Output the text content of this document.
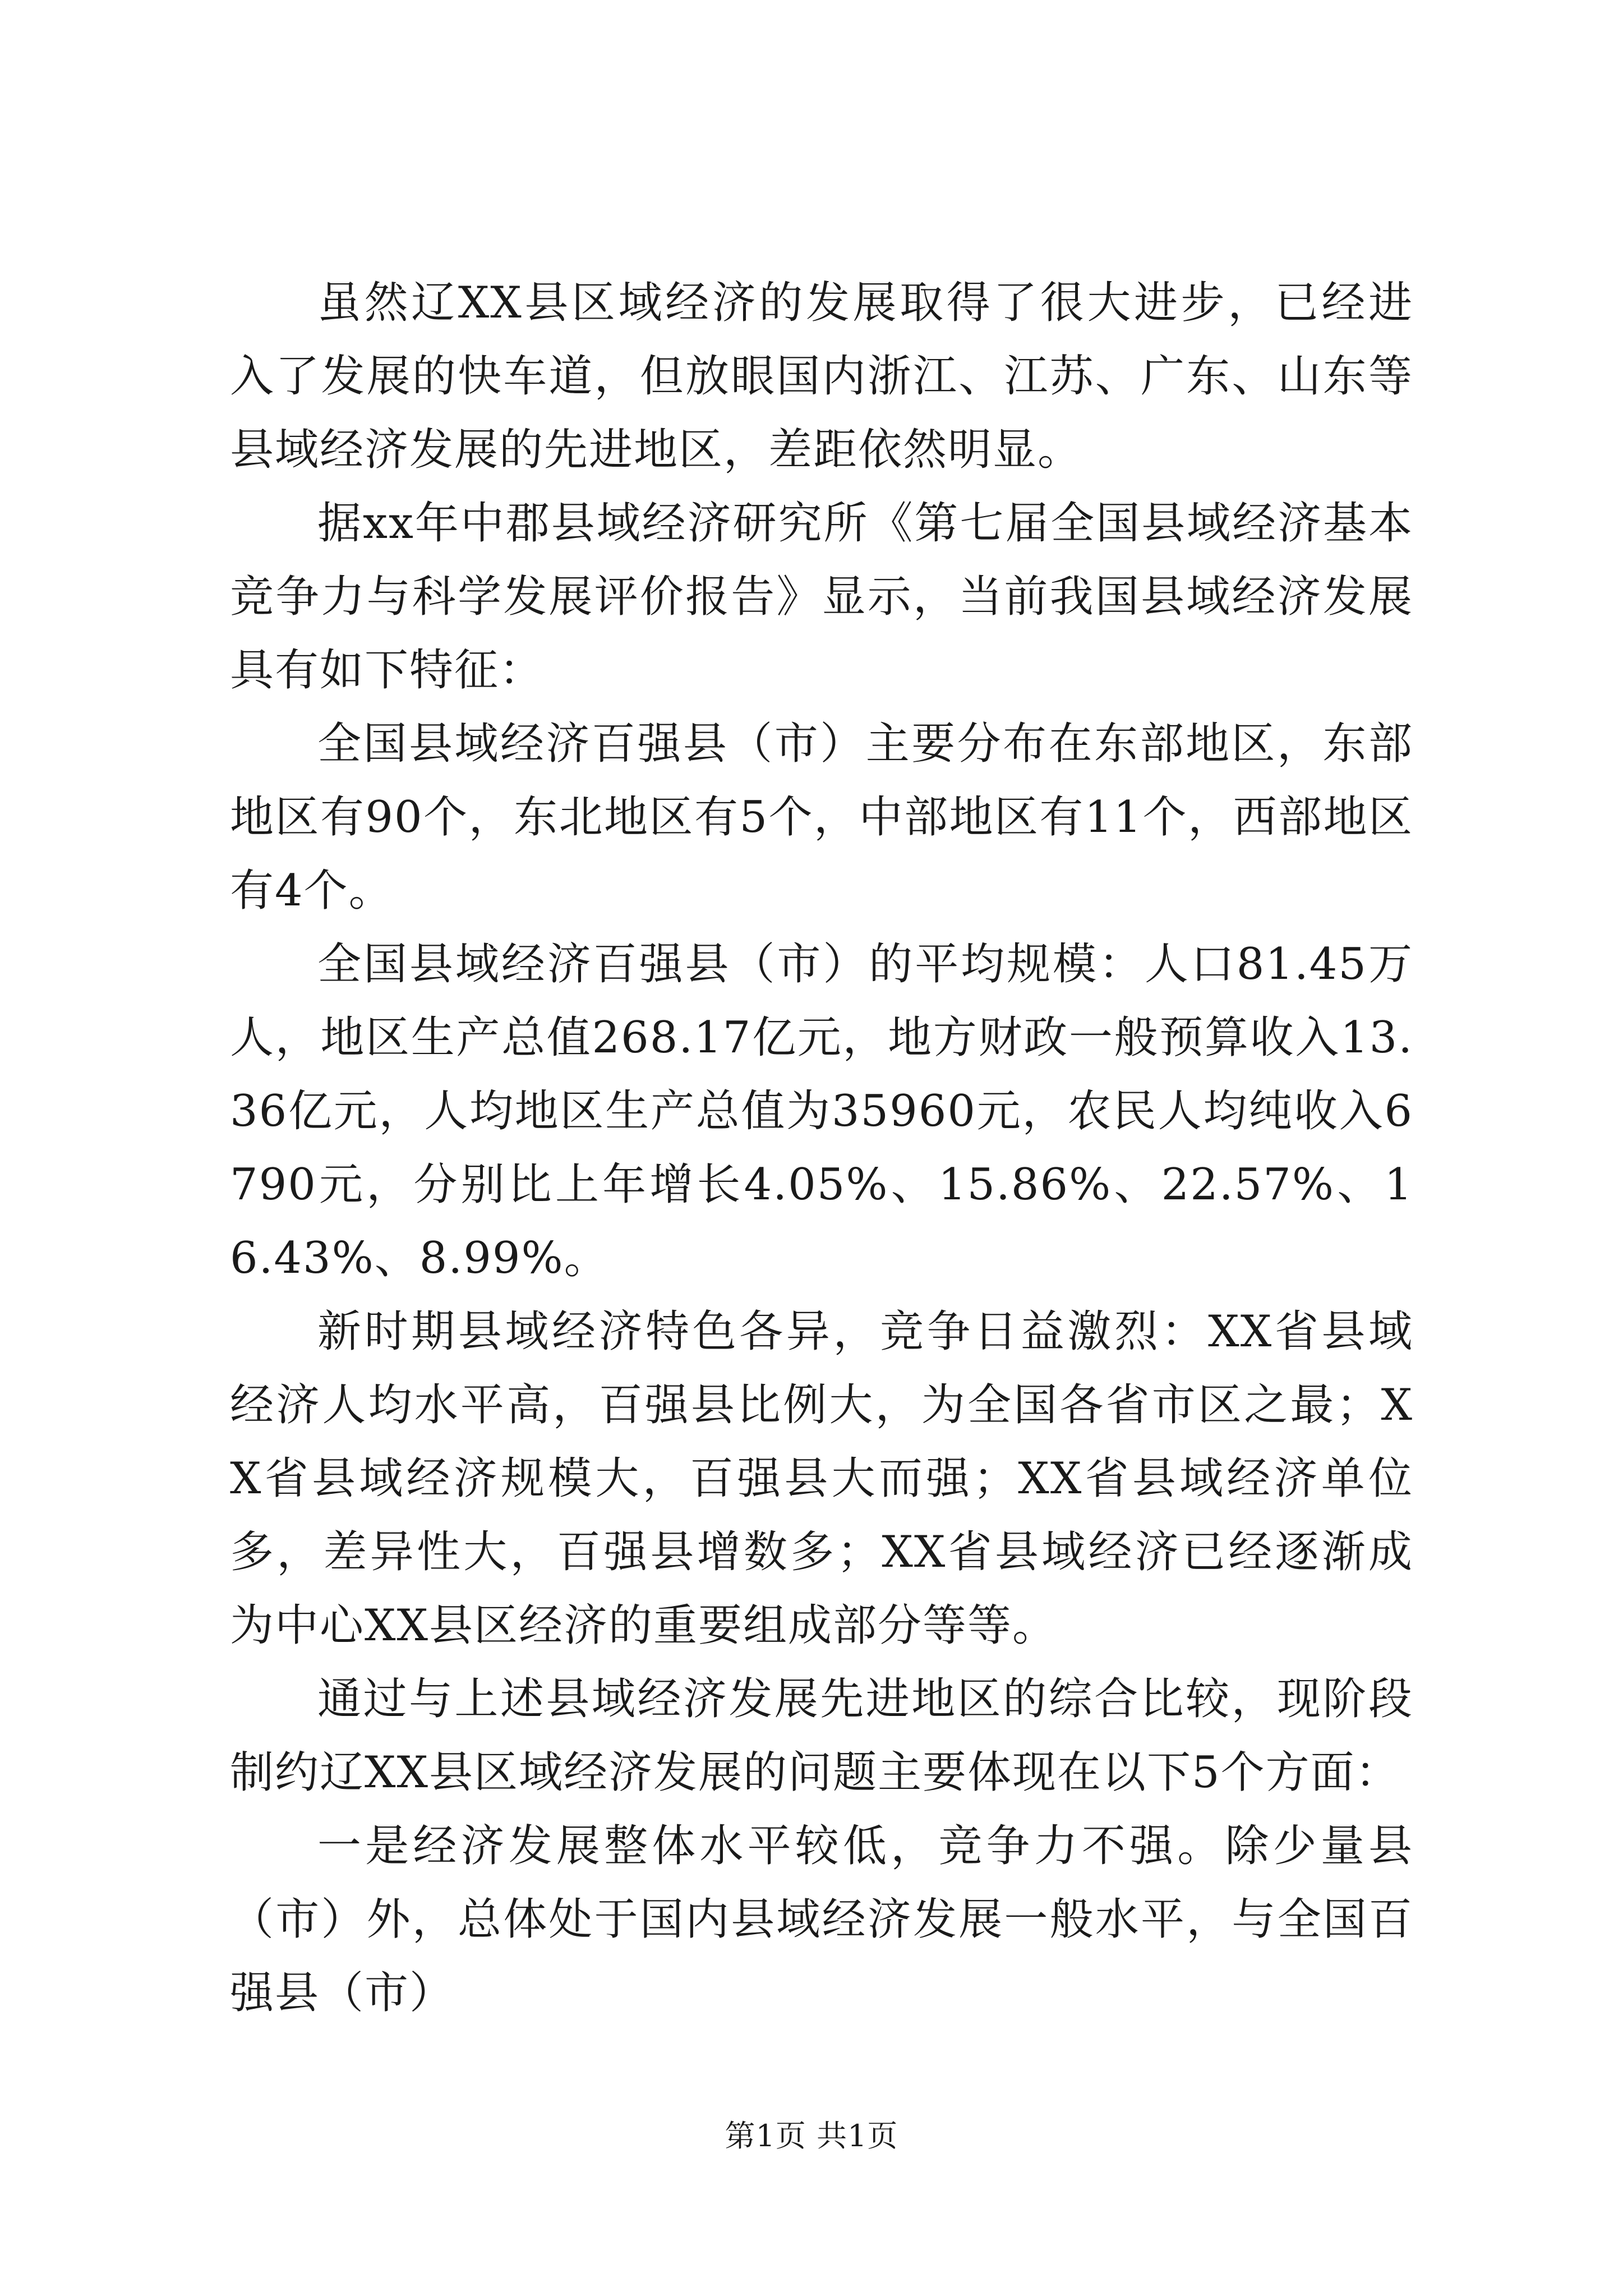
虽然辽XX县区域经济的发展取得了很大进步，已经进入了发展的快车道，但放眼国内浙江、江苏、广东、山东等县域经济发展的先进地区，差距依然明显。

据xx年中郡县域经济研究所《第七届全国县域经济基本竞争力与科学发展评价报告》显示，当前我国县域经济发展具有如下特征：

全国县域经济百强县（市）主要分布在东部地区，东部地区有90个，东北地区有5个，中部地区有11个，西部地区有4个。

全国县域经济百强县（市）的平均规模：人口81.45万人，地区生产总值268.17亿元，地方财政一般预算收入13.36亿元，人均地区生产总值为35960元，农民人均纯收入6790元，分别比上年增长4.05%、15.86%、22.57%、16.43%、8.99%。

新时期县域经济特色各异，竞争日益激烈：XX省县域经济人均水平高，百强县比例大，为全国各省市区之最；XX省县域经济规模大，百强县大而强；XX省县域经济单位多，差异性大，百强县增数多；XX省县域经济已经逐渐成为中心XX县区经济的重要组成部分等等。

通过与上述县域经济发展先进地区的综合比较，现阶段制约辽XX县区域经济发展的问题主要体现在以下5个方面：

一是经济发展整体水平较低，竞争力不强。除少量县（市）外，总体处于国内县域经济发展一般水平，与全国百强县（市）

第1页 共1页
